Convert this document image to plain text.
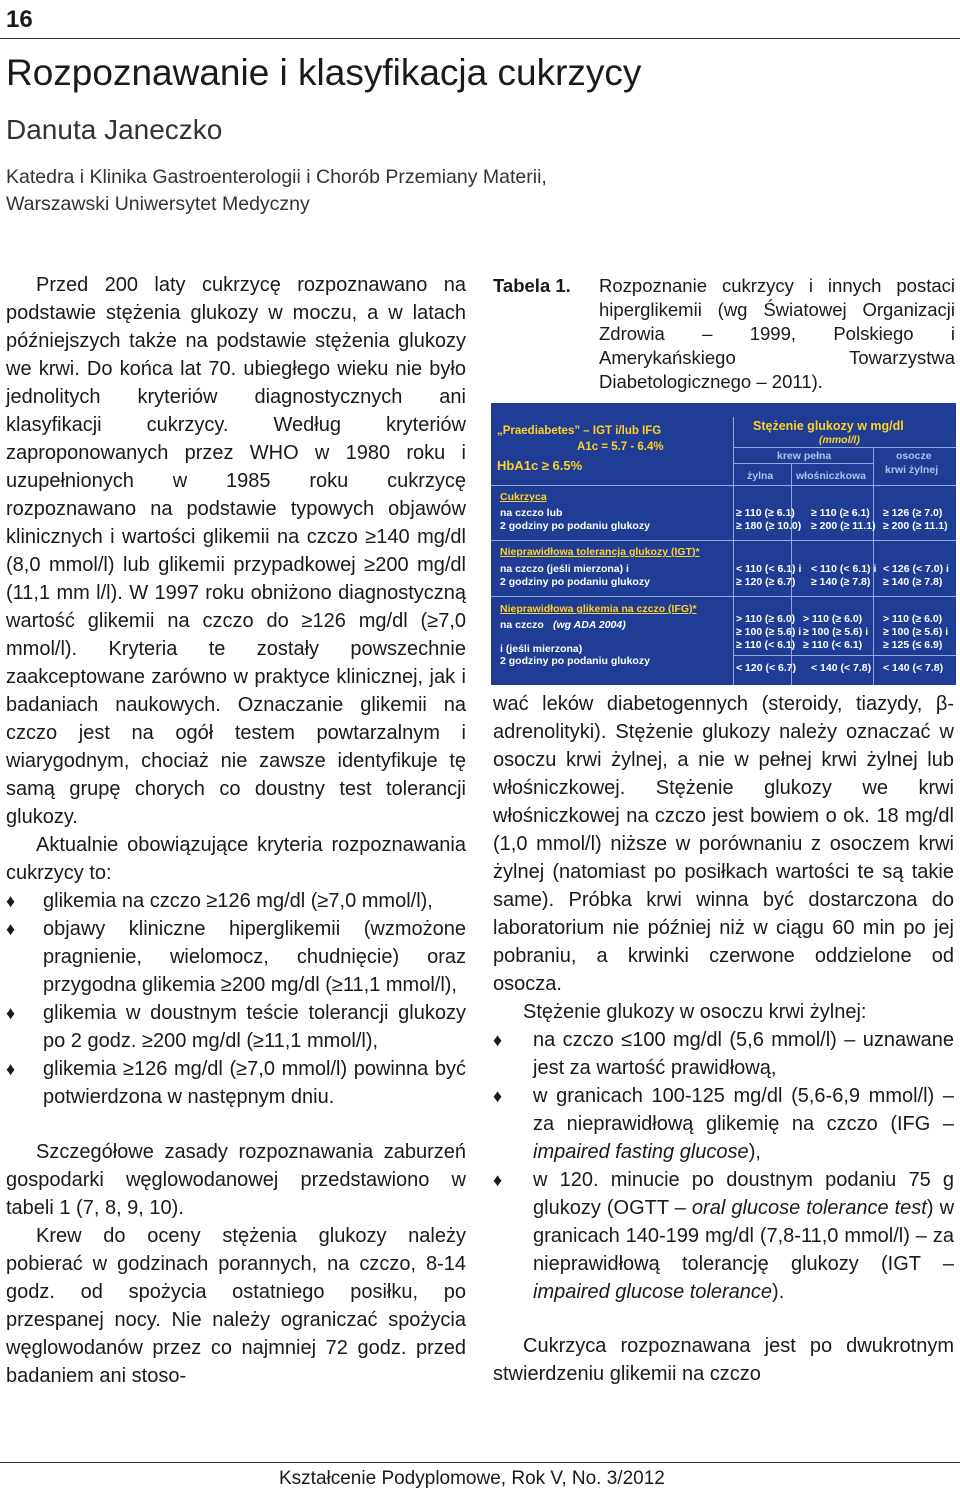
16
Rozpoznawanie i klasyfikacja cukrzycy
Danuta Janeczko
Katedra i Klinika Gastroenterologii i Chorób Przemiany Materii,
Warszawski Uniwersytet Medyczny

Przed 200 laty cukrzycę rozpoznawano na podstawie stężenia glukozy w moczu, a w latach późniejszych także na podstawie stężenia glukozy we krwi. Do końca lat 70. ubiegłego wieku nie było jednolitych kryteriów diagnostycznych ani klasyfikacji cukrzycy. Według kryteriów zaproponowanych przez WHO w 1980 roku i uzupełnionych w 1985 roku cukrzycę rozpoznawano na podstawie typowych objawów klinicznych i wartości glikemii na czczo ≥140 mg/dl (8,0 mmol/l) lub glikemii przypadkowej ≥200 mg/dl (11,1 mm l/l). W 1997 roku obniżono diagnostyczną wartość glikemii na czczo do ≥126 mg/dl (≥7,0 mmol/l). Kryteria te zostały powszechnie zaakceptowane zarówno w praktyce klinicznej, jak i badaniach naukowych. Oznaczanie glikemii na czczo jest na ogół testem powtarzalnym i wiarygodnym, chociaż nie zawsze identyfikuje tę samą grupę chorych co doustny test tolerancji glukozy.

Aktualnie obowiązujące kryteria rozpoznawania cukrzycy to:

♦ glikemia na czczo ≥126 mg/dl (≥7,0 mmol/l),
♦ objawy kliniczne hiperglikemii (wzmożone pragnienie, wielomocz, chudnięcie) oraz przygodna glikemia ≥200 mg/dl (≥11,1 mmol/l),
♦ glikemia w doustnym teście tolerancji glukozy po 2 godz. ≥200 mg/dl (≥11,1 mmol/l),
♦ glikemia ≥126 mg/dl (≥7,0 mmol/l) powinna być potwierdzona w następnym dniu.

Szczegółowe zasady rozpoznawania zaburzeń gospodarki węglowodanowej przedstawiono w tabeli 1 (7, 8, 9, 10).

Krew do oceny stężenia glukozy należy pobierać w godzinach porannych, na czczo, 8-14 godz. od spożycia ostatniego posiłku, po przespanej nocy. Nie należy ograniczać spożycia węglowodanów przez co najmniej 72 godz. przed badaniem ani stoso-

Tabela 1. Rozpoznanie cukrzycy i innych postaci hiperglikemii (wg Światowej Organizacji Zdrowia – 1999, Polskiego i Amerykańskiego Towarzystwa Diabetologicznego – 2011).
„Praediabetes” – IGT i/lub IFG
A1c = 5.7 - 6.4%
HbA1c ≥ 6.5%
Stężenie glukozy w mg/dl
(mmol/l)
krew pełna	osocze
krwi żylnej
żylna włośniczkowa
Cukrzyca
na czczo lub
2 godziny po podaniu glukozy
≥ 110 (≥ 6.1) ≥ 110 (≥ 6.1) ≥ 126 (≥ 7.0)
≥ 180 (≥ 10.0) ≥ 200 (≥ 11.1) ≥ 200 (≥ 11.1)
Nieprawidłowa tolerancja glukozy (IGT)*
na czczo (jeśli mierzona) i
2 godziny po podaniu glukozy
< 110 (< 6.1) i < 110 (< 6.1) i < 126 (< 7.0) i
≥ 120 (≥ 6.7) ≥ 140 (≥ 7.8) ≥ 140 (≥ 7.8)
Nieprawidłowa glikemia na czczo (IFG)*
na czczo (wg ADA 2004)
i (jeśli mierzona)
2 godziny po podaniu glukozy
> 110 (≥ 6.0) > 110 (≥ 6.0) > 110 (≥ 6.0)
≥ 100 (≥ 5.6) i ≥ 100 (≥ 5.6) i ≥ 100 (≥ 5.6) i
≥ 110 (< 6.1) ≥ 110 (< 6.1) ≥ 125 (≤ 6.9)
< 120 (< 6.7) < 140 (< 7.8) < 140 (< 7.8)

wać leków diabetogennych (steroidy, tiazydy, β-adrenolityki). Stężenie glukozy należy oznaczać w osoczu krwi żylnej, a nie w pełnej krwi żylnej lub włośniczkowej. Stężenie glukozy we krwi włośniczkowej na czczo jest bowiem o ok. 18 mg/dl (1,0 mmol/l) niższe w porównaniu z osoczem krwi żylnej (natomiast po posiłkach wartości te są takie same). Próbka krwi winna być dostarczona do laboratorium nie później niż w ciągu 60 min po jej pobraniu, a krwinki czerwone oddzielone od osocza.

Stężenie glukozy w osoczu krwi żylnej:

♦ na czczo ≤100 mg/dl (5,6 mmol/l) – uznawane jest za wartość prawidłową,
♦ w granicach 100-125 mg/dl (5,6-6,9 mmol/l) – za nieprawidłową glikemię na czczo (IFG – impaired fasting glucose),
♦ w 120. minucie po doustnym podaniu 75 g glukozy (OGTT – oral glucose tolerance test) w granicach 140-199 mg/dl (7,8-11,0 mmol/l) – za nieprawidłową tolerancję glukozy (IGT – impaired glucose tolerance).

Cukrzyca rozpoznawana jest po dwukrotnym stwierdzeniu glikemii na czczo

Kształcenie Podyplomowe, Rok V, No. 3/2012
